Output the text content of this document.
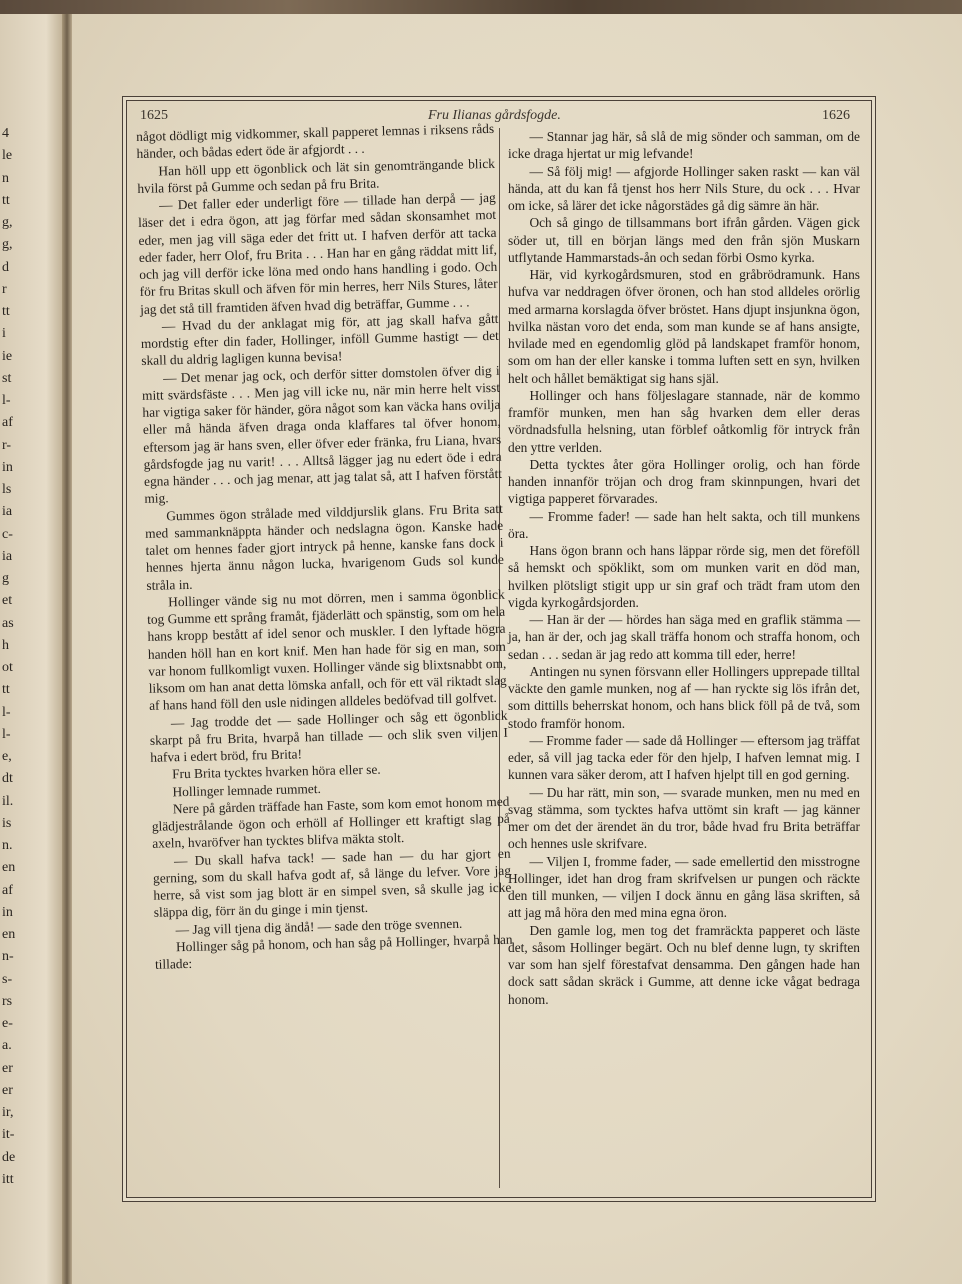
4
le
n
tt
g,
g,
d
r
tt
i
ie
st
l-
af
r-
in
ls
ia
c-
ia
g
et
as
h
ot
tt
l-
l-
e,
dt
il.
is
n.
en
af
in
en
n-
s-
rs
e-
a.
er
er
ir,
it-
de
itt
1625	Fru Ilianas gårdsfogde.	1626

något dödligt mig vidkommer, skall papperet lemnas i riksens råds händer, och bådas edert öde är afgjordt . . .

Han höll upp ett ögonblick och lät sin genomträngande blick hvila först på Gumme och sedan på fru Brita.

— Det faller eder underligt före — tillade han derpå — jag läser det i edra ögon, att jag förfar med sådan skonsamhet mot eder, men jag vill säga eder det fritt ut. I hafven derför att tacka eder fader, herr Olof, fru Brita . . . Han har en gång räddat mitt lif, och jag vill derför icke löna med ondo hans handling i godo. Och för fru Britas skull och äfven för min herres, herr Nils Stures, låter jag det stå till framtiden äfven hvad dig beträffar, Gumme . . .

— Hvad du der anklagat mig för, att jag skall hafva gått mordstig efter din fader, Hollinger, inföll Gumme hastigt — det skall du aldrig lagligen kunna bevisa!

— Det menar jag ock, och derför sitter domstolen öfver dig i mitt svärdsfäste . . . Men jag vill icke nu, när min herre helt visst har vigtiga saker för händer, göra något som kan väcka hans ovilja eller må hända äfven draga onda klaffares tal öfver honom, eftersom jag är hans sven, eller öfver eder fränka, fru Liana, hvars gårdsfogde jag nu varit! . . . Alltså lägger jag nu edert öde i edra egna händer . . . och jag menar, att jag talat så, att I hafven förstått mig.

Gummes ögon strålade med vilddjurslik glans. Fru Brita satt med sammanknäppta händer och nedslagna ögon. Kanske hade talet om hennes fader gjort intryck på henne, kanske fans dock i hennes hjerta ännu någon lucka, hvarigenom Guds sol kunde stråla in.

Hollinger vände sig nu mot dörren, men i samma ögonblick tog Gumme ett språng framåt, fjäderlätt och spänstig, som om hela hans kropp bestått af idel senor och muskler. I den lyftade högra handen höll han en kort knif. Men han hade för sig en man, som var honom fullkomligt vuxen. Hollinger vände sig blixtsnabbt om, liksom om han anat detta lömska anfall, och för ett väl riktadt slag af hans hand föll den usle nidingen alldeles bedöfvad till golfvet.

— Jag trodde det — sade Hollinger och såg ett ögonblick skarpt på fru Brita, hvarpå han tillade — och slik sven viljen I hafva i edert bröd, fru Brita!

Fru Brita tycktes hvarken höra eller se.

Hollinger lemnade rummet.

Nere på gården träffade han Faste, som kom emot honom med glädjestrålande ögon och erhöll af Hollinger ett kraftigt slag på axeln, hvaröfver han tycktes blifva mäkta stolt.

— Du skall hafva tack! — sade han — du har gjort en gerning, som du skall hafva godt af, så länge du lefver. Vore jag herre, så vist som jag blott är en simpel sven, så skulle jag icke släppa dig, förr än du ginge i min tjenst.

— Jag vill tjena dig ändå! — sade den tröge svennen.

Hollinger såg på honom, och han såg på Hollinger, hvarpå han tillade:

— Stannar jag här, så slå de mig sönder och samman, om de icke draga hjertat ur mig lefvande!

— Så följ mig! — afgjorde Hollinger saken raskt — kan väl hända, att du kan få tjenst hos herr Nils Sture, du ock . . . Hvar om icke, så lärer det icke någorstädes gå dig sämre än här.

Och så gingo de tillsammans bort ifrån gården. Vägen gick söder ut, till en början längs med den från sjön Muskarn utflytande Hammarstads-ån och sedan förbi Osmo kyrka.

Här, vid kyrkogårdsmuren, stod en gråbrödramunk. Hans hufva var neddragen öfver öronen, och han stod alldeles orörlig med armarna korslagda öfver bröstet. Hans djupt insjunkna ögon, hvilka nästan voro det enda, som man kunde se af hans ansigte, hvilade med en egendomlig glöd på landskapet framför honom, som om han der eller kanske i tomma luften sett en syn, hvilken helt och hållet bemäktigat sig hans själ.

Hollinger och hans följeslagare stannade, när de kommo framför munken, men han såg hvarken dem eller deras vördnadsfulla helsning, utan förblef oåtkomlig för intryck från den yttre verlden.

Detta tycktes åter göra Hollinger orolig, och han förde handen innanför tröjan och drog fram skinnpungen, hvari det vigtiga papperet förvarades.

— Fromme fader! — sade han helt sakta, och till munkens öra.

Hans ögon brann och hans läppar rörde sig, men det föreföll så hemskt och spöklikt, som om munken varit en död man, hvilken plötsligt stigit upp ur sin graf och trädt fram utom den vigda kyrkogårdsjorden.

— Han är der — hördes han säga med en graflik stämma — ja, han är der, och jag skall träffa honom och straffa honom, och sedan . . . sedan är jag redo att komma till eder, herre!

Antingen nu synen försvann eller Hollingers upprepade tilltal väckte den gamle munken, nog af — han ryckte sig lös ifrån det, som dittills beherrskat honom, och hans blick föll på de två, som stodo framför honom.

— Fromme fader — sade då Hollinger — eftersom jag träffat eder, så vill jag tacka eder för den hjelp, I hafven lemnat mig. I kunnen vara säker derom, att I hafven hjelpt till en god gerning.

— Du har rätt, min son, — svarade munken, men nu med en svag stämma, som tycktes hafva uttömt sin kraft — jag känner mer om det der ärendet än du tror, både hvad fru Brita beträffar och hennes usle skrifvare.

— Viljen I, fromme fader, — sade emellertid den misstrogne Hollinger, idet han drog fram skrifvelsen ur pungen och räckte den till munken, — viljen I dock ännu en gång läsa skriften, så att jag må höra den med mina egna öron.

Den gamle log, men tog det framräckta papperet och läste det, såsom Hollinger begärt. Och nu blef denne lugn, ty skriften var som han sjelf förestafvat densamma. Den gången hade han dock satt sådan skräck i Gumme, att denne icke vågat bedraga honom.
